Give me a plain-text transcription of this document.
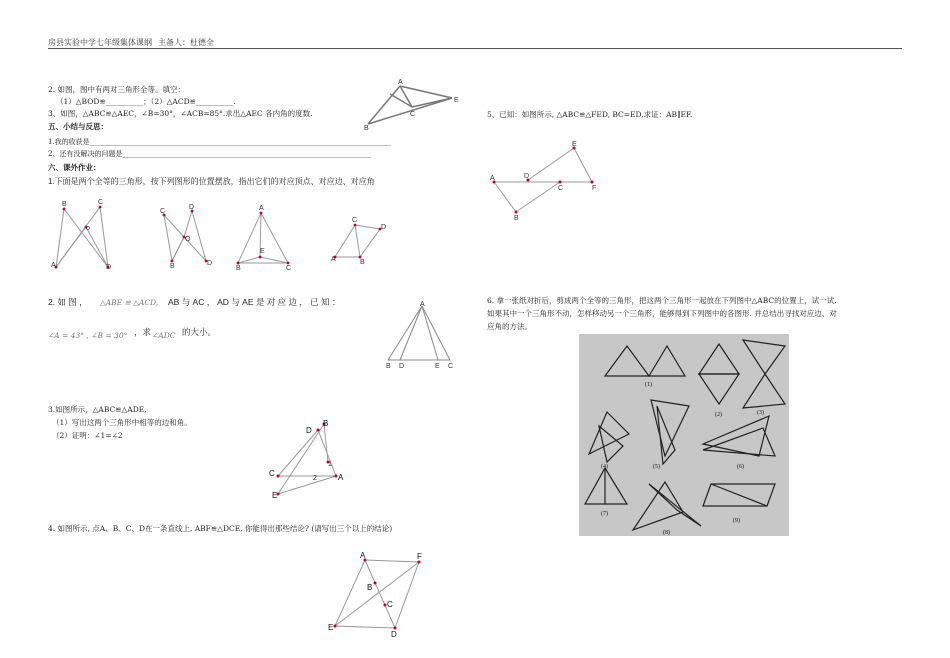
房县实验中学七年级集体课纲 主备人：杜德全
2. 如图，图中有两对三角形全等。填空：
（1）△BOD≌__________；（2）△ACD≌__________.
3、如图，△ABC≌△AEC，∠B=30°，∠ACB=85°.求出△AEC 各内角的度数.
五、小结与反思：
1.我的收获是______________________________________________________________________________________
2、还有没解决的问题是_______________________________________________________________________
六、课外作业：
1.下面是两个全等的三角形，按下列图形的位置摆放，指出它们的对应顶点、对应边、对应角
2. 如 图 ， △ABE ≌ △ACD, AB 与 AC ， AD 与 AE 是 对 应 边 ， 已 知 ：
∠A = 43° , ∠B = 30° ，求 ∠ADC 的大小。
3.如图所示，△ABC≌△ADE,
（1）写出这两个三角形中相等的边和角。
（2）证明：∠1=∠2
4. 如图所示, 点A、B、C、D在一条直线上, ABF≌△DCE, 你能得出那些结论? (请写出三个以上的结论)
5、已知：如图所示, △ABC≌△FED, BC=ED,求证：AB∥EF.
6. 拿一张纸对折后，剪成两个全等的三角形，把这两个三角形一起放在下列图中△ABC的位置上，试一试,
如果其中一个三角形不动，怎样移动另一个三角形，能够得到下列图中的各图形. 并总结出寻找对应边、对
应角的方法。
A
B
C
E
B	C
A	D
o
C
D
O
B	D
A
B	C
E
C
D
B
A
A
B D	E C
D
B
C
E
A
2
1
A	F
B
C
E
D
A
B
C
D
E
F
(1)
(2)	(3)
(4)	(5)	(6)
(7)
(8)
(9)
